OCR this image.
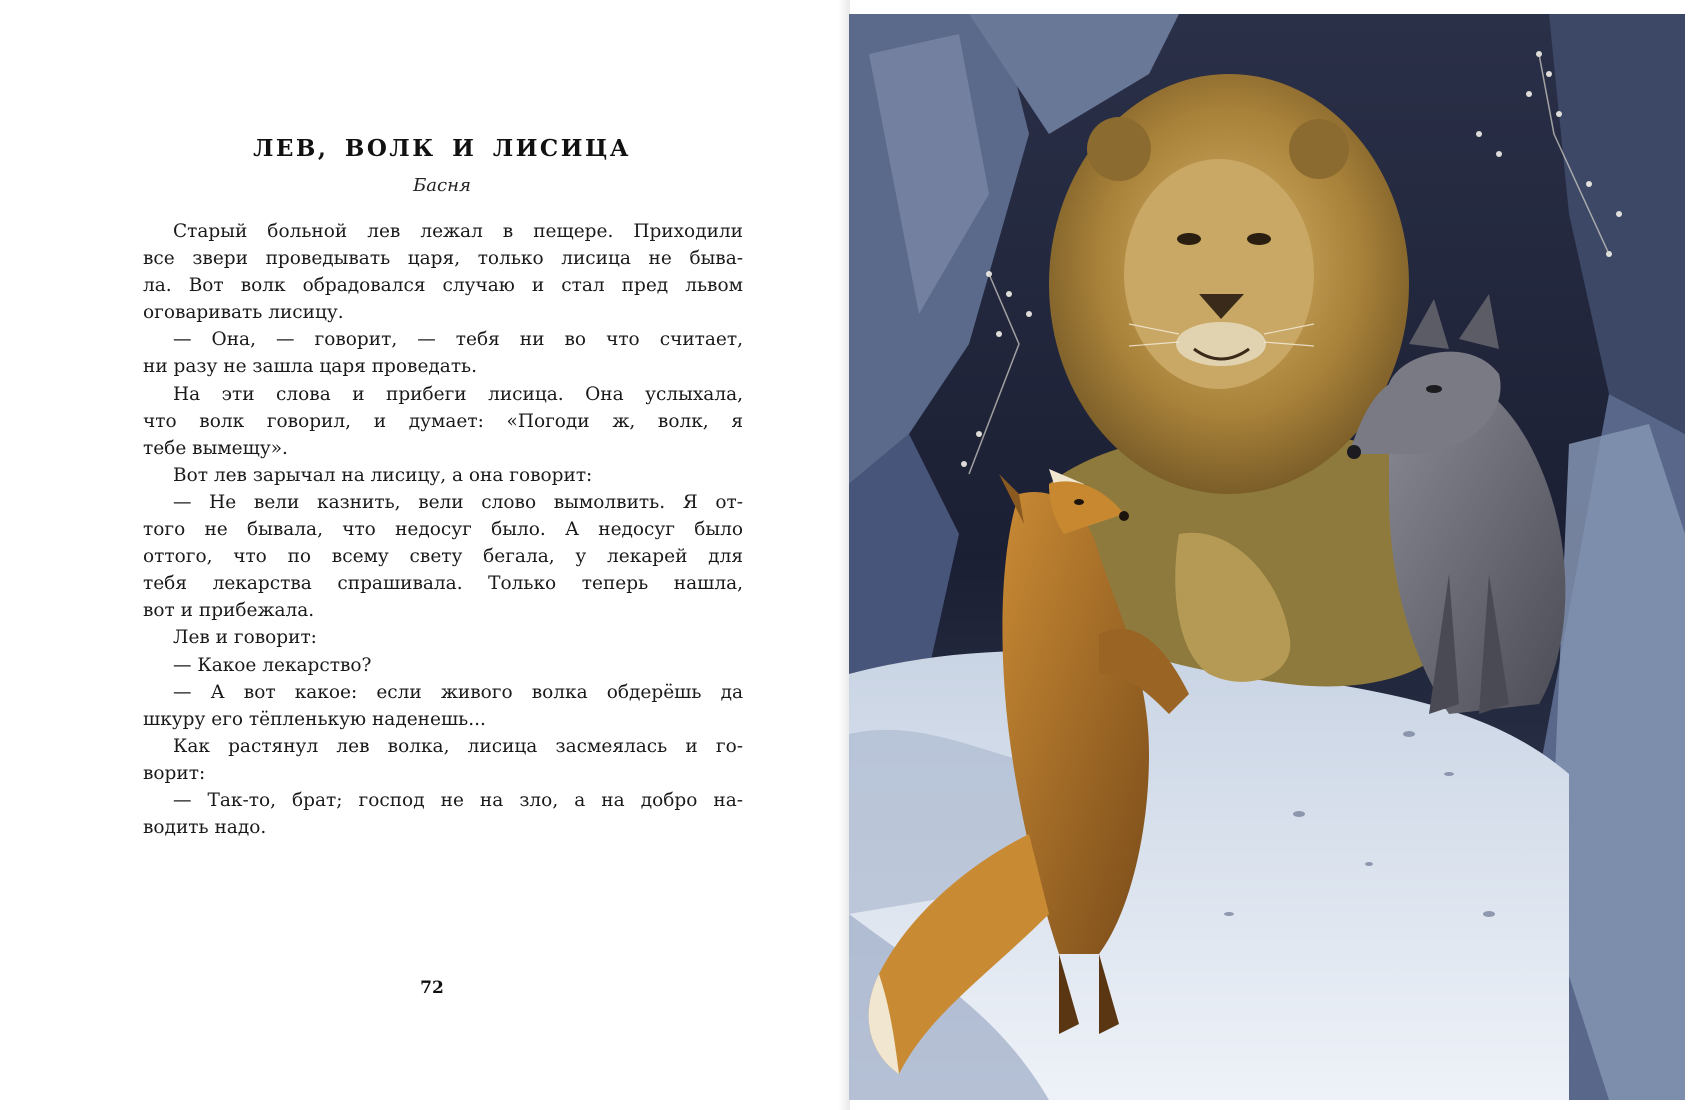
ЛЕВ, ВОЛК И ЛИСИЦА
Басня
Старый больной лев лежал в пещере. Приходили
все звери проведывать царя, только лисица не быва-
ла. Вот волк обрадовался случаю и стал пред львом
оговаривать лисицу.
— Она, — говорит, — тебя ни во что считает,
ни разу не зашла царя проведать.
На эти слова и прибеги лисица. Она услыхала,
что волк говорил, и думает: «Погоди ж, волк, я
тебе вымещу».
Вот лев зарычал на лисицу, а она говорит:
— Не вели казнить, вели слово вымолвить. Я от-
того не бывала, что недосуг было. А недосуг было
оттого, что по всему свету бегала, у лекарей для
тебя лекарства спрашивала. Только теперь нашла,
вот и прибежала.
Лев и говорит:
— Какое лекарство?
— А вот какое: если живого волка обдерёшь да
шкуру его тёпленькую наденешь...
Как растянул лев волка, лисица засмеялась и го-
ворит:
— Так-то, брат; господ не на зло, а на добро на-
водить надо.
72
